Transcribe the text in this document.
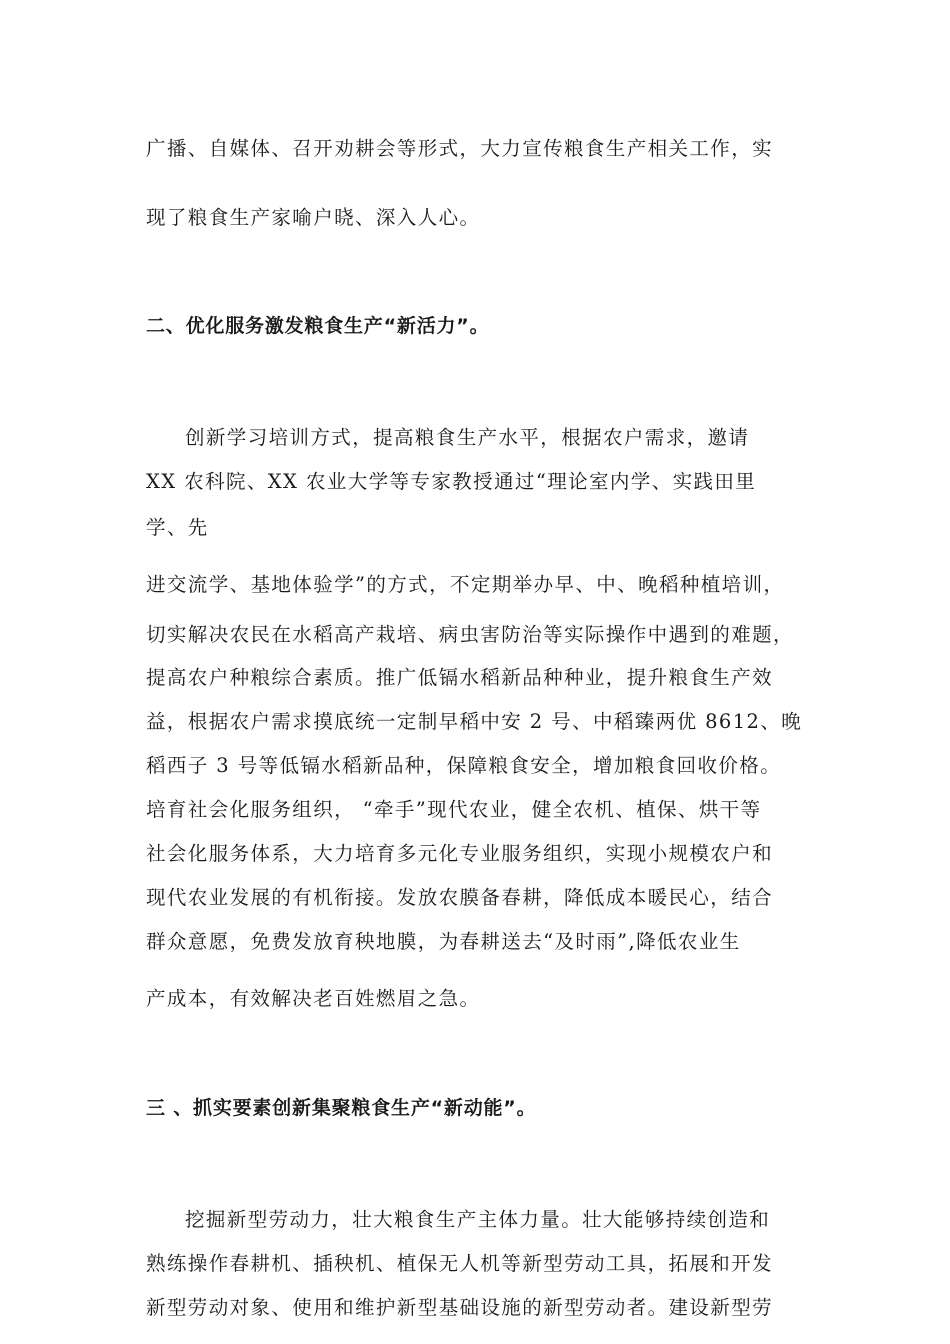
广播、自媒体、召开劝耕会等形式，大力宣传粮食生产相关工作，实
现了粮食生产家喻户晓、深入人心。
二、优化服务激发粮食生产“新活力”。
创新学习培训方式，提高粮食生产水平，根据农户需求，邀请
XX 农科院、XX 农业大学等专家教授通过“理论室内学、实践田里
学、先
进交流学、基地体验学”的方式，不定期举办早、中、晚稻种植培训，
切实解决农民在水稻高产栽培、病虫害防治等实际操作中遇到的难题，
提高农户种粮综合素质。推广低镉水稻新品种种业，提升粮食生产效
益，根据农户需求摸底统一定制早稻中安 2 号、中稻臻两优 8612、晚
稻西子 3 号等低镉水稻新品种，保障粮食安全，增加粮食回收价格。
培育社会化服务组织， “牵手”现代农业，健全农机、植保、烘干等
社会化服务体系，大力培育多元化专业服务组织，实现小规模农户和
现代农业发展的有机衔接。发放农膜备春耕，降低成本暖民心，结合
群众意愿，免费发放育秧地膜，为春耕送去“及时雨”,降低农业生
产成本，有效解决老百姓燃眉之急。
三 、抓实要素创新集聚粮食生产“新动能”。
挖掘新型劳动力，壮大粮食生产主体力量。壮大能够持续创造和
熟练操作春耕机、插秧机、植保无人机等新型劳动工具，拓展和开发
新型劳动对象、使用和维护新型基础设施的新型劳动者。建设新型劳
